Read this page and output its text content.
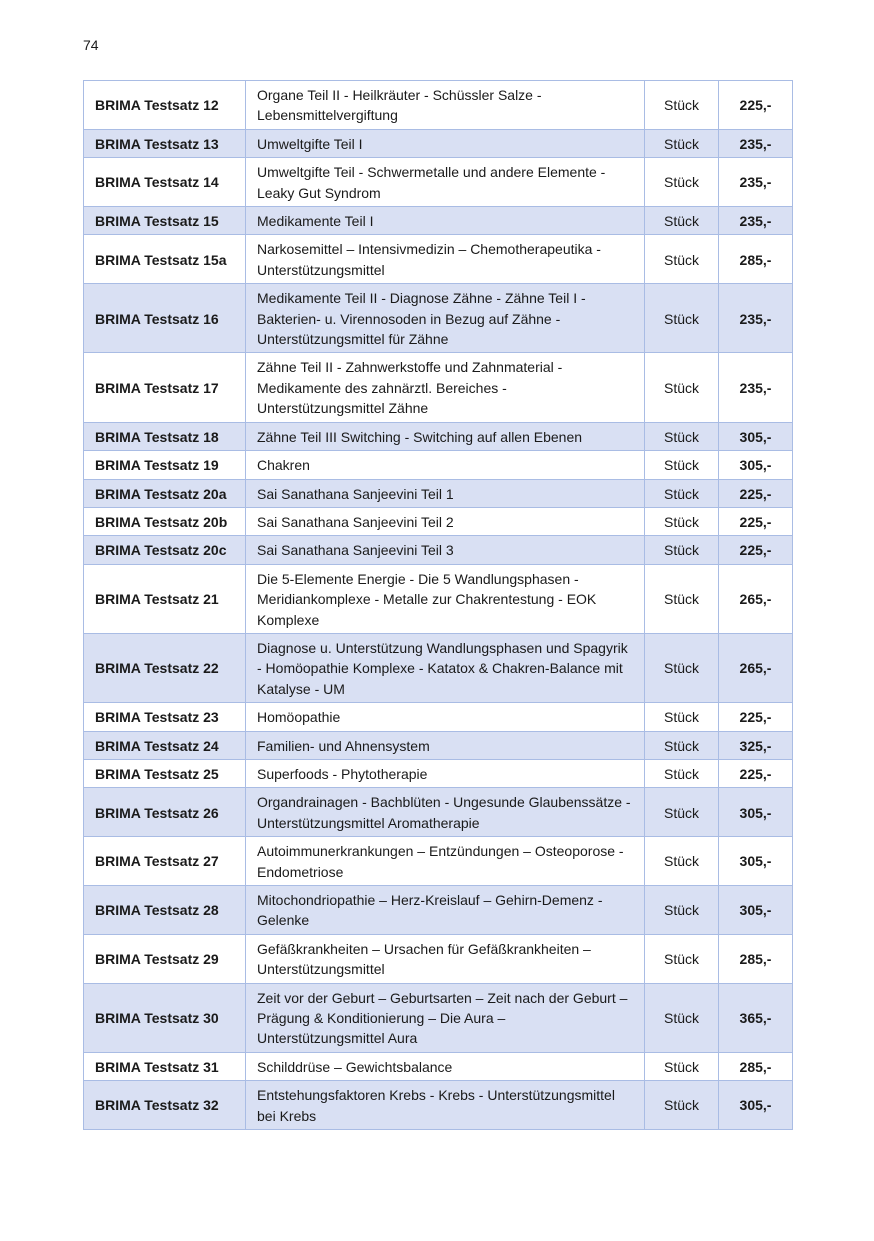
74
BRIMA Testsatz 12	Organe Teil II - Heilkräuter - Schüssler Salze - Lebensmittelvergiftung	Stück	225,-
BRIMA Testsatz 13	Umweltgifte Teil I	Stück	235,-
BRIMA Testsatz 14	Umweltgifte Teil - Schwermetalle und andere Elemente - Leaky Gut Syndrom	Stück	235,-
BRIMA Testsatz 15	Medikamente Teil I	Stück	235,-
BRIMA Testsatz 15a	Narkosemittel – Intensivmedizin – Chemotherapeutika - Unterstützungsmittel	Stück	285,-
BRIMA Testsatz 16	Medikamente Teil II - Diagnose Zähne - Zähne Teil I - Bakterien- u. Virennosoden in Bezug auf Zähne - Unterstützungsmittel für Zähne	Stück	235,-
BRIMA Testsatz 17	Zähne Teil II - Zahnwerkstoffe und Zahnmaterial - Medikamente des zahnärztl. Bereiches - Unterstützungsmittel Zähne	Stück	235,-
BRIMA Testsatz 18	Zähne Teil III Switching - Switching auf allen Ebenen	Stück	305,-
BRIMA Testsatz 19	Chakren	Stück	305,-
BRIMA Testsatz 20a	Sai Sanathana Sanjeevini Teil 1	Stück	225,-
BRIMA Testsatz 20b	Sai Sanathana Sanjeevini Teil 2	Stück	225,-
BRIMA Testsatz 20c	Sai Sanathana Sanjeevini Teil 3	Stück	225,-
BRIMA Testsatz 21	Die 5-Elemente Energie - Die 5 Wandlungsphasen - Meridiankomplexe - Metalle zur Chakrentestung - EOK Komplexe	Stück	265,-
BRIMA Testsatz 22	Diagnose u. Unterstützung Wandlungsphasen und Spagyrik - Homöopathie Komplexe - Katatox & Chakren-Balance mit Katalyse - UM	Stück	265,-
BRIMA Testsatz 23	Homöopathie	Stück	225,-
BRIMA Testsatz 24	Familien- und Ahnensystem	Stück	325,-
BRIMA Testsatz 25	Superfoods - Phytotherapie	Stück	225,-
BRIMA Testsatz 26	Organdrainagen - Bachblüten - Ungesunde Glaubenssätze - Unterstützungsmittel Aromatherapie	Stück	305,-
BRIMA Testsatz 27	Autoimmunerkrankungen – Entzündungen – Osteoporose - Endometriose	Stück	305,-
BRIMA Testsatz 28	Mitochondriopathie – Herz-Kreislauf – Gehirn-Demenz - Gelenke	Stück	305,-
BRIMA Testsatz 29	Gefäßkrankheiten – Ursachen für Gefäßkrankheiten – Unterstützungsmittel	Stück	285,-
BRIMA Testsatz 30	Zeit vor der Geburt – Geburtsarten – Zeit nach der Geburt – Prägung & Konditionierung – Die Aura – Unterstützungsmittel Aura	Stück	365,-
BRIMA Testsatz 31	Schilddrüse – Gewichtsbalance	Stück	285,-
BRIMA Testsatz 32	Entstehungsfaktoren Krebs - Krebs - Unterstützungsmittel bei Krebs	Stück	305,-
